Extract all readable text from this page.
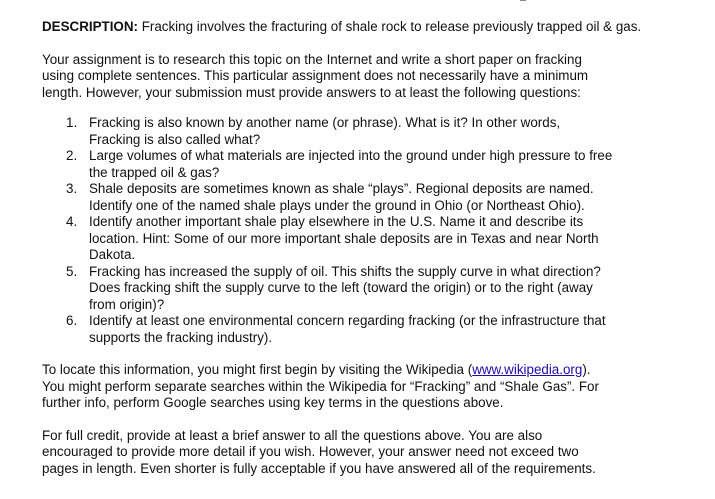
DESCRIPTION: Fracking involves the fracturing of shale rock to release previously trapped oil & gas.

Your assignment is to research this topic on the Internet and write a short paper on fracking
using complete sentences. This particular assignment does not necessarily have a minimum
length. However, your submission must provide answers to at least the following questions:

1. Fracking is also known by another name (or phrase). What is it? In other words,
Fracking is also called what?
2. Large volumes of what materials are injected into the ground under high pressure to free
the trapped oil & gas?
3. Shale deposits are sometimes known as shale “plays”. Regional deposits are named.
Identify one of the named shale plays under the ground in Ohio (or Northeast Ohio).
4. Identify another important shale play elsewhere in the U.S. Name it and describe its
location. Hint: Some of our more important shale deposits are in Texas and near North
Dakota.
5. Fracking has increased the supply of oil. This shifts the supply curve in what direction?
Does fracking shift the supply curve to the left (toward the origin) or to the right (away
from origin)?
6. Identify at least one environmental concern regarding fracking (or the infrastructure that
supports the fracking industry).

To locate this information, you might first begin by visiting the Wikipedia (www.wikipedia.org).
You might perform separate searches within the Wikipedia for “Fracking” and “Shale Gas”. For
further info, perform Google searches using key terms in the questions above.

For full credit, provide at least a brief answer to all the questions above. You are also
encouraged to provide more detail if you wish. However, your answer need not exceed two
pages in length. Even shorter is fully acceptable if you have answered all of the requirements.
